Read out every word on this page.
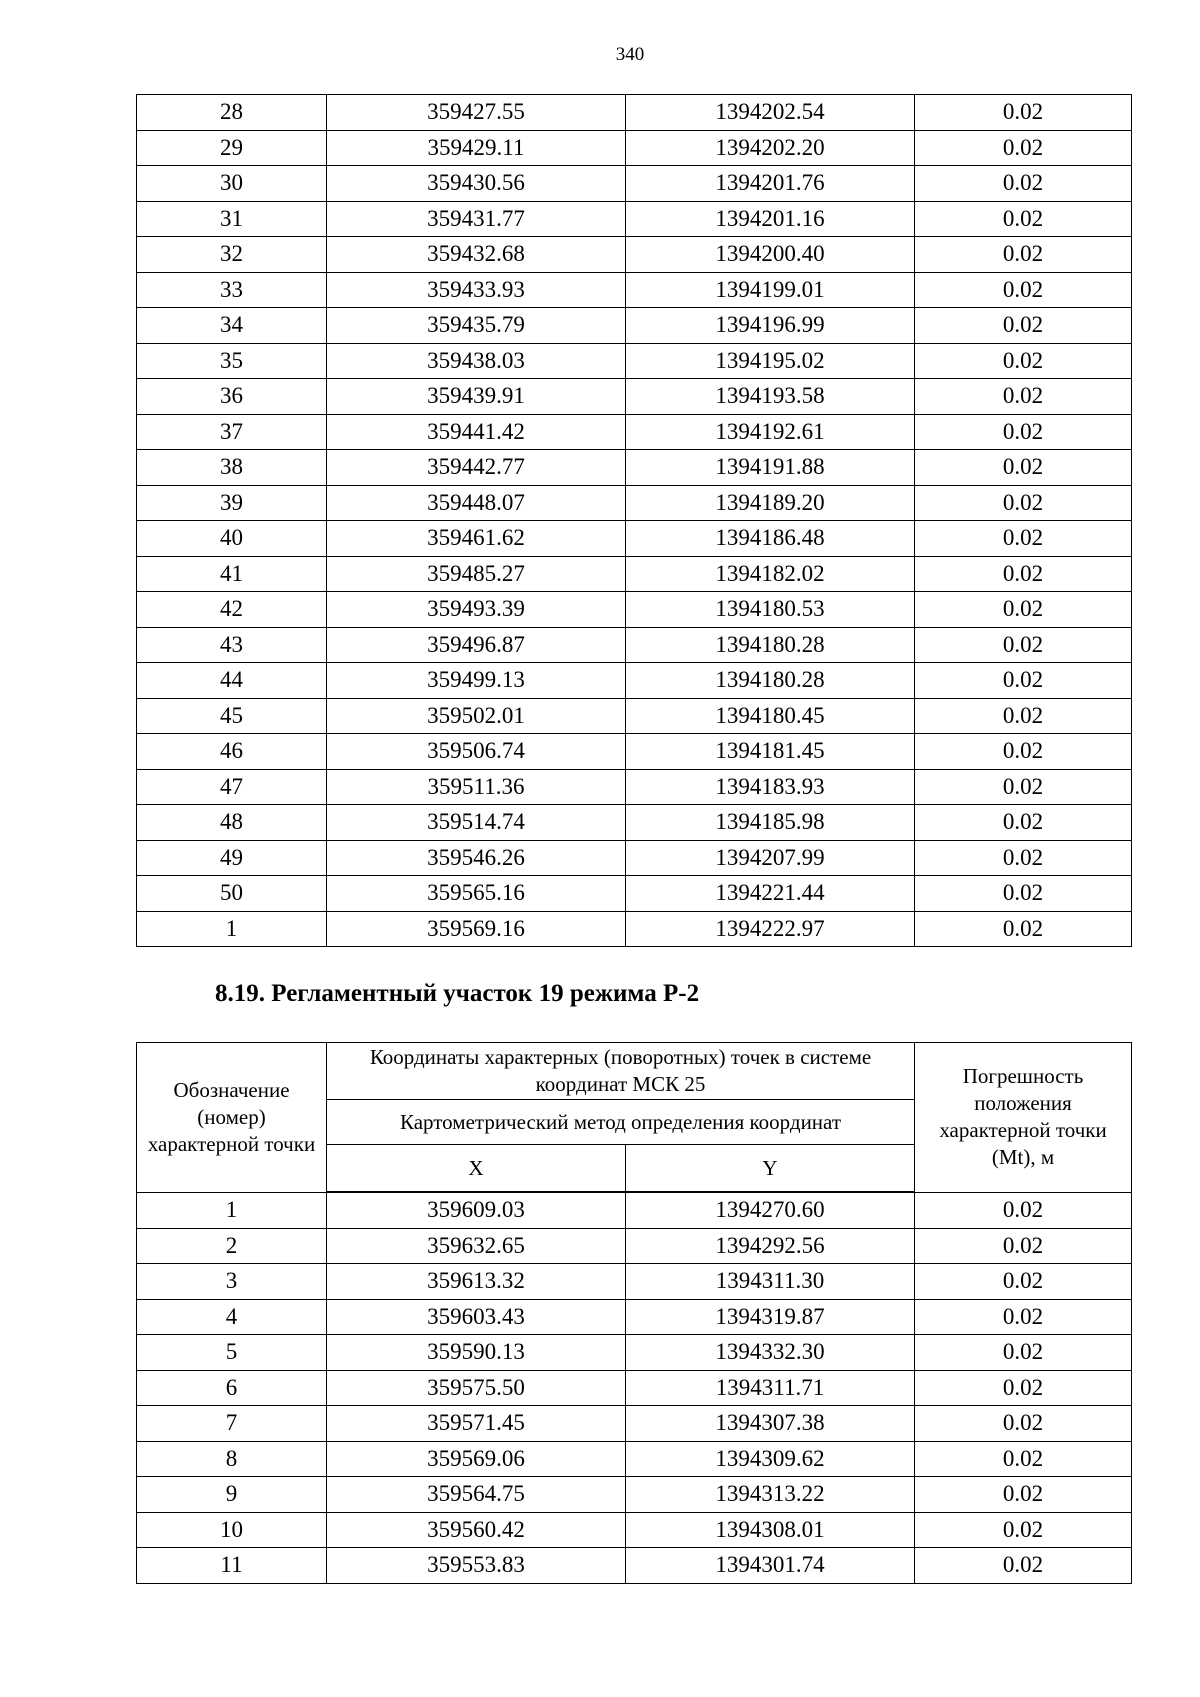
340
28	359427.55	1394202.54	0.02
29	359429.11	1394202.20	0.02
30	359430.56	1394201.76	0.02
31	359431.77	1394201.16	0.02
32	359432.68	1394200.40	0.02
33	359433.93	1394199.01	0.02
34	359435.79	1394196.99	0.02
35	359438.03	1394195.02	0.02
36	359439.91	1394193.58	0.02
37	359441.42	1394192.61	0.02
38	359442.77	1394191.88	0.02
39	359448.07	1394189.20	0.02
40	359461.62	1394186.48	0.02
41	359485.27	1394182.02	0.02
42	359493.39	1394180.53	0.02
43	359496.87	1394180.28	0.02
44	359499.13	1394180.28	0.02
45	359502.01	1394180.45	0.02
46	359506.74	1394181.45	0.02
47	359511.36	1394183.93	0.02
48	359514.74	1394185.98	0.02
49	359546.26	1394207.99	0.02
50	359565.16	1394221.44	0.02
1	359569.16	1394222.97	0.02
8.19. Регламентный участок 19 режима Р-2
Обозначение (номер) характерной точки	Координаты характерных (поворотных) точек в системе координат МСК 25		Погрешность положения характерной точки (Mt), м
	Картометрический метод определения координат		
	X	Y	
1	359609.03	1394270.60	0.02
2	359632.65	1394292.56	0.02
3	359613.32	1394311.30	0.02
4	359603.43	1394319.87	0.02
5	359590.13	1394332.30	0.02
6	359575.50	1394311.71	0.02
7	359571.45	1394307.38	0.02
8	359569.06	1394309.62	0.02
9	359564.75	1394313.22	0.02
10	359560.42	1394308.01	0.02
11	359553.83	1394301.74	0.02
